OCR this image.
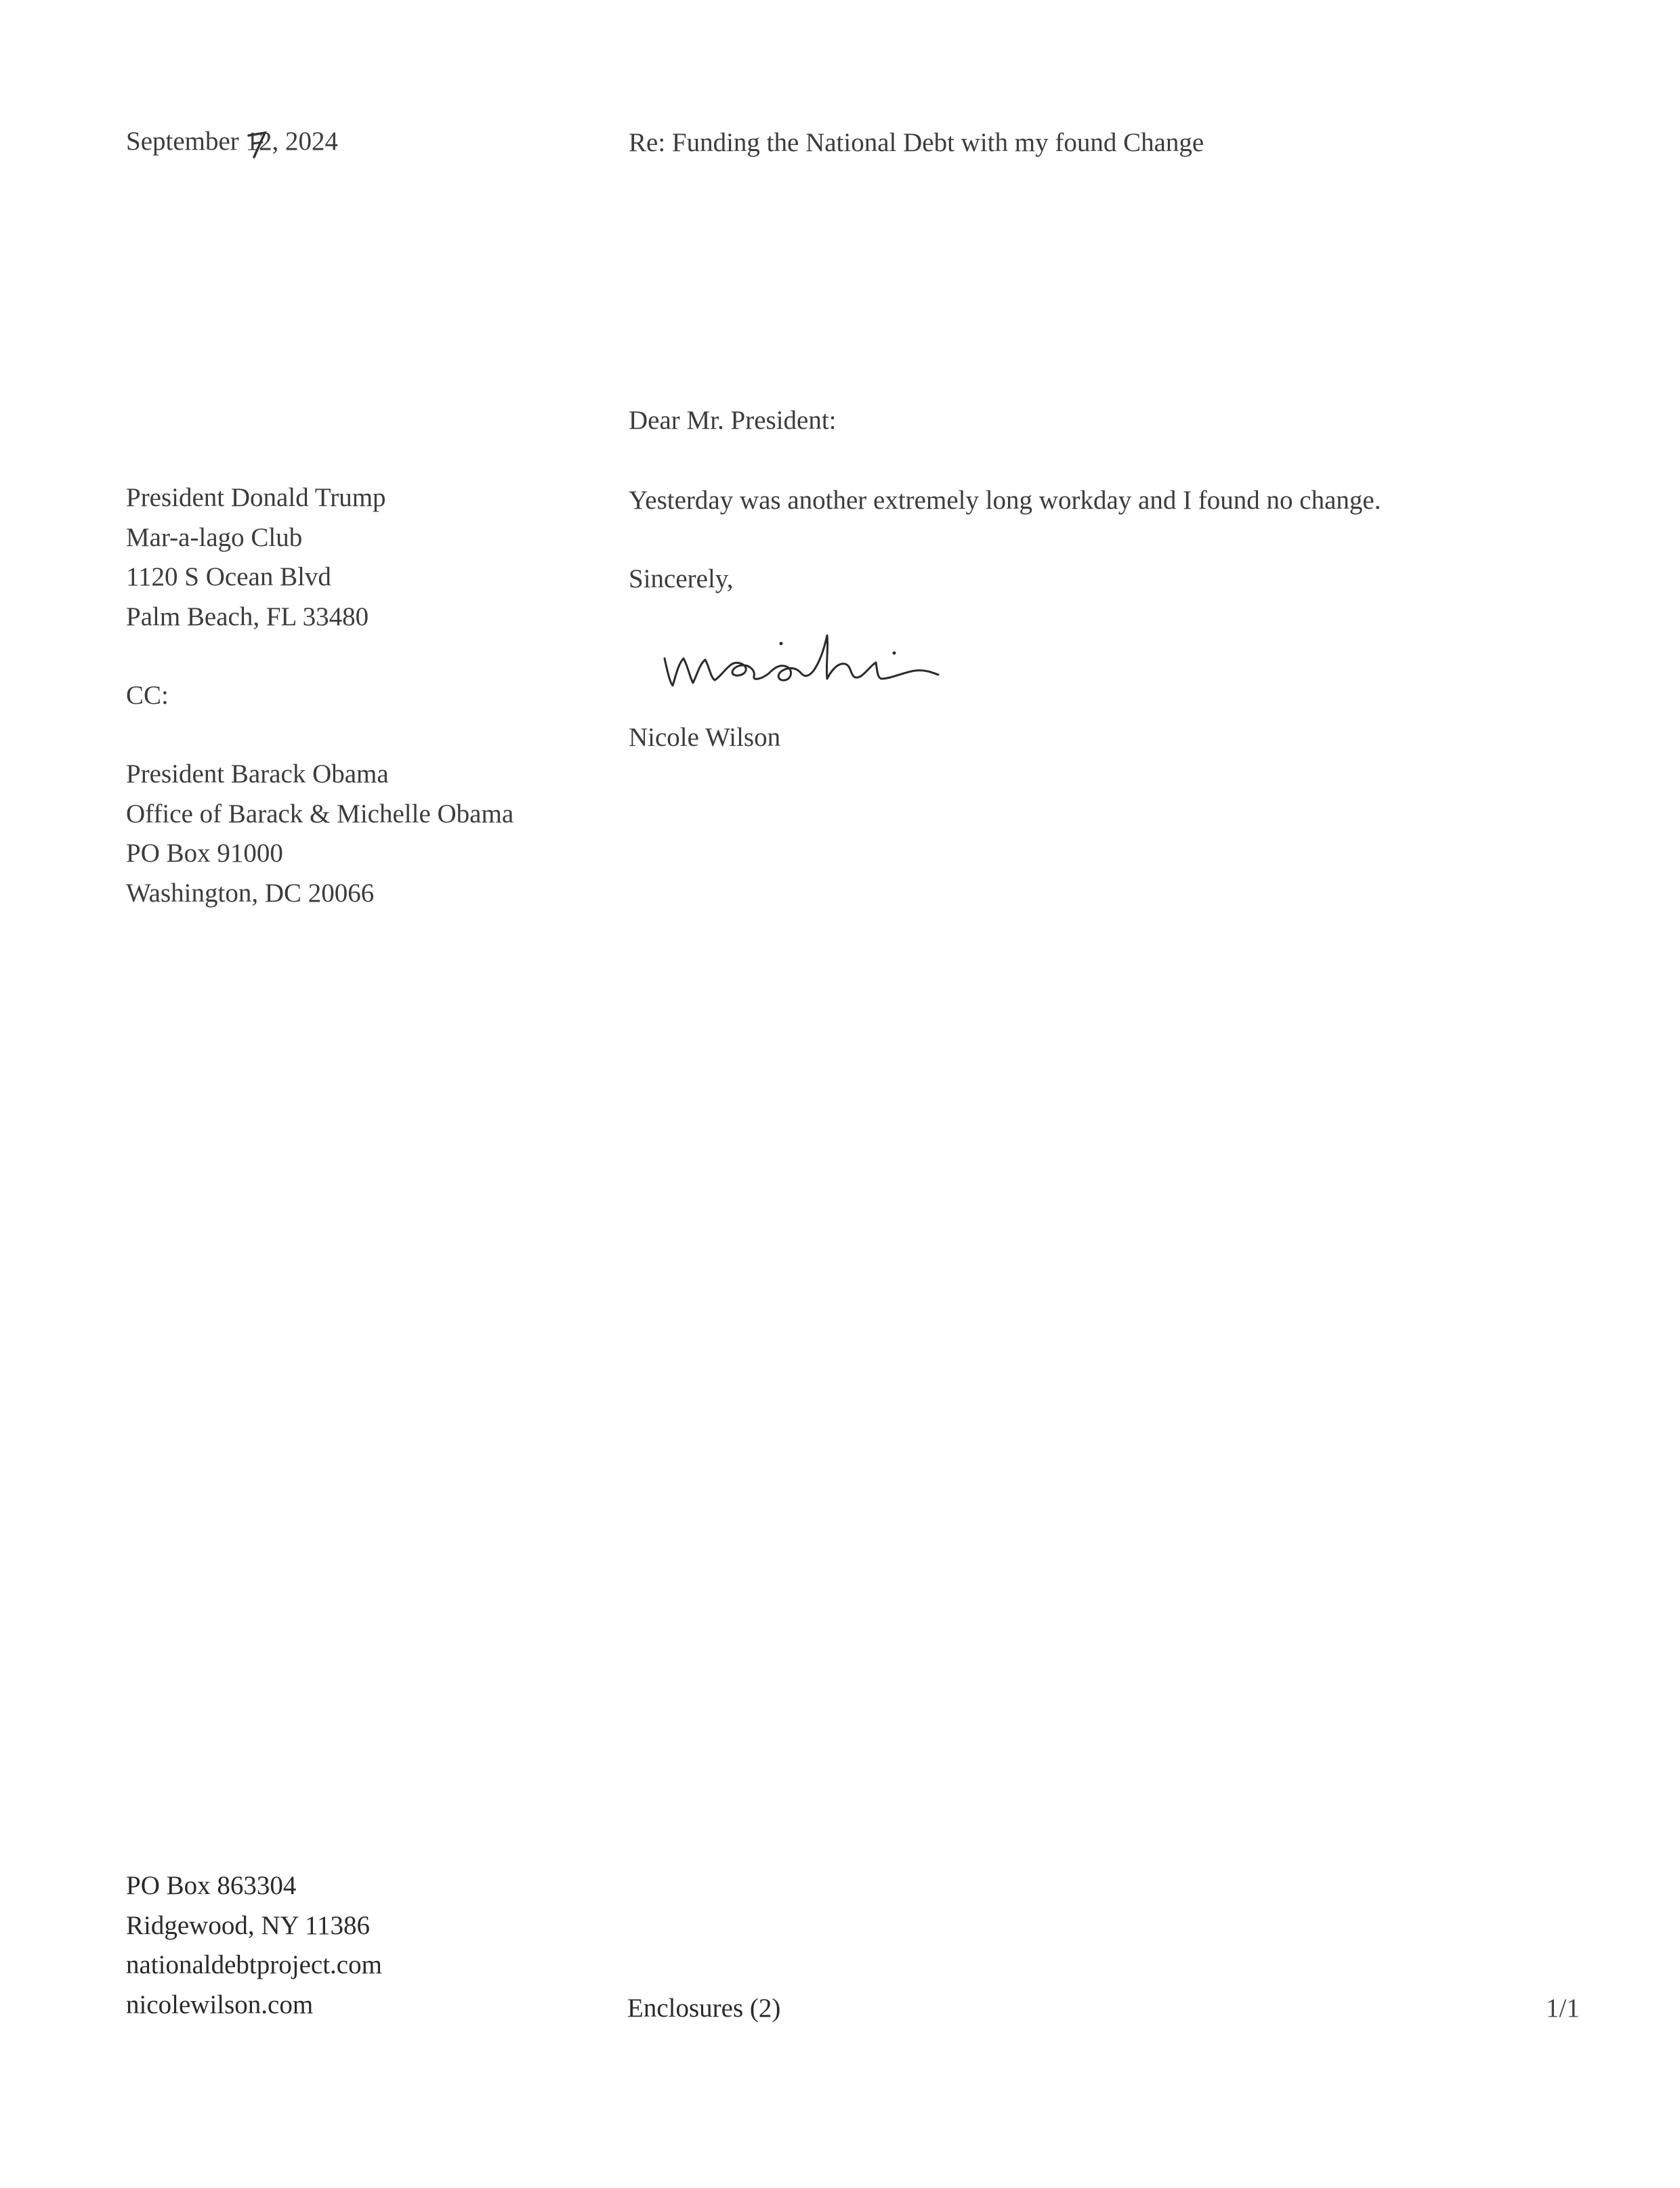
September 12
, 2024	Re: Funding the National Debt with my found Change
Dear Mr. President:
Yesterday was another extremely long workday and I found no change.
Sincerely,
Nicole Wilson
President Donald Trump
Mar-a-lago Club
1120 S Ocean Blvd
Palm Beach, FL 33480
CC:
President Barack Obama
Office of Barack & Michelle Obama
PO Box 91000
Washington, DC 20066
PO Box 863304
Ridgewood, NY 11386
nationaldebtproject.com
nicolewilson.com	Enclosures (2)	1/1
